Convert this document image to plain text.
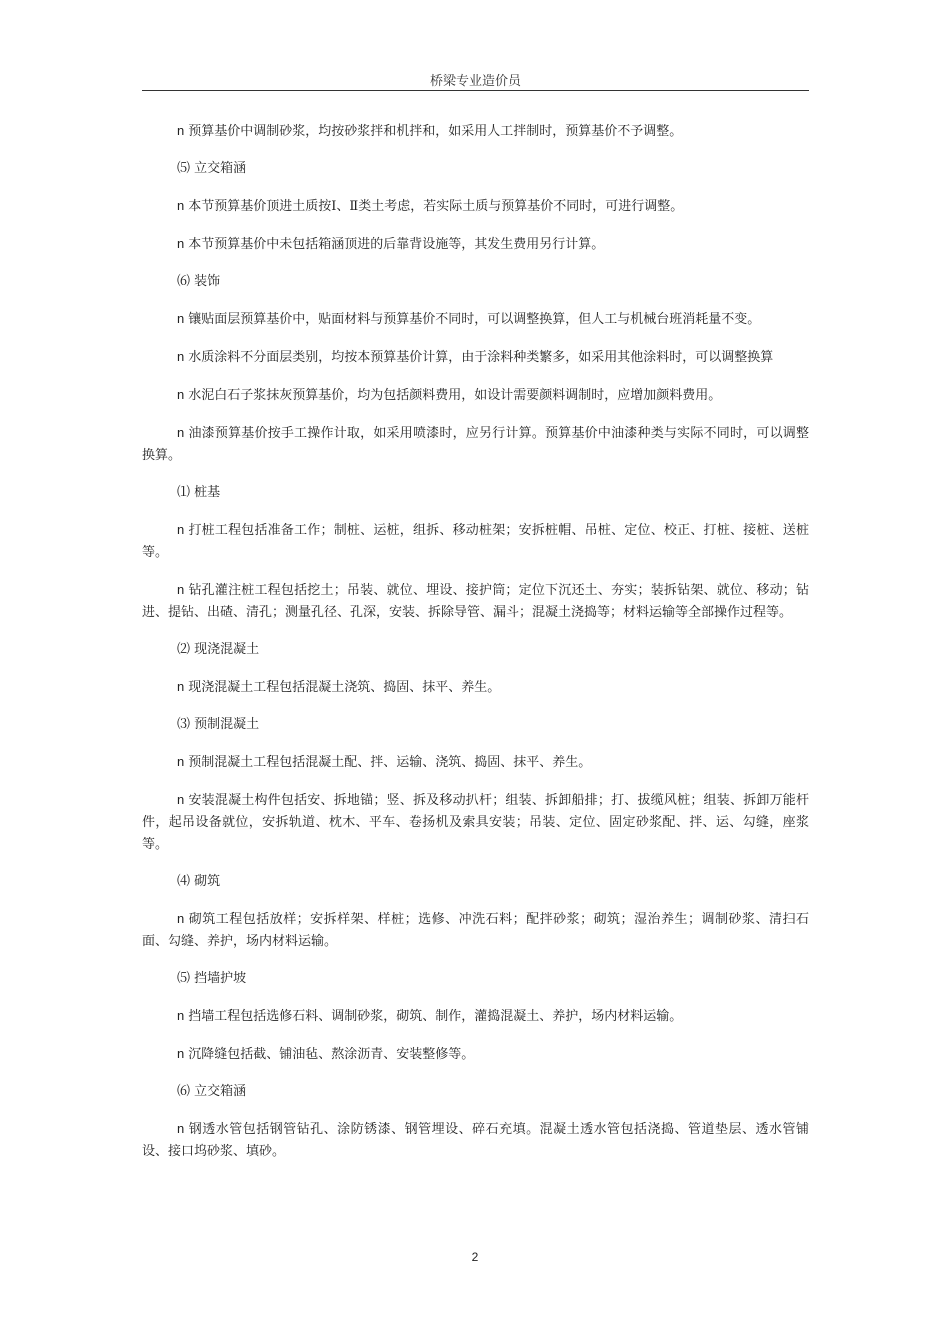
桥梁专业造价员

n 预算基价中调制砂浆，均按砂浆拌和机拌和，如采用人工拌制时，预算基价不予调整。

⑸ 立交箱涵

n 本节预算基价顶进土质按Ⅰ、Ⅱ类土考虑，若实际土质与预算基价不同时，可进行调整。

n 本节预算基价中未包括箱涵顶进的后靠背设施等，其发生费用另行计算。

⑹ 装饰

n 镶贴面层预算基价中，贴面材料与预算基价不同时，可以调整换算，但人工与机械台班消耗量不变。

n 水质涂料不分面层类别，均按本预算基价计算，由于涂料种类繁多，如采用其他涂料时，可以调整换算

n 水泥白石子浆抹灰预算基价，均为包括颜料费用，如设计需要颜料调制时，应增加颜料费用。

n 油漆预算基价按手工操作计取，如采用喷漆时，应另行计算。预算基价中油漆种类与实际不同时，可以调整换算。

⑴ 桩基

n 打桩工程包括准备工作；制桩、运桩，组拆、移动桩架；安拆桩帽、吊桩、定位、校正、打桩、接桩、送桩等。

n 钻孔灌注桩工程包括挖土；吊装、就位、埋设、接护筒；定位下沉还土、夯实；装拆钻架、就位、移动；钻进、提钻、出碴、清孔；测量孔径、孔深，安装、拆除导管、漏斗；混凝土浇捣等；材料运输等全部操作过程等。

⑵ 现浇混凝土

n 现浇混凝土工程包括混凝土浇筑、捣固、抹平、养生。

⑶ 预制混凝土

n 预制混凝土工程包括混凝土配、拌、运输、浇筑、捣固、抹平、养生。

n 安装混凝土构件包括安、拆地锚；竖、拆及移动扒杆；组装、拆卸船排；打、拔缆风桩；组装、拆卸万能杆件，起吊设备就位，安拆轨道、枕木、平车、卷扬机及索具安装；吊装、定位、固定砂浆配、拌、运、勾缝，座浆等。

⑷ 砌筑

n 砌筑工程包括放样；安拆样架、样桩；选修、冲洗石料；配拌砂浆；砌筑；湿治养生；调制砂浆、清扫石面、勾缝、养护，场内材料运输。

⑸ 挡墙护坡

n 挡墙工程包括选修石料、调制砂浆，砌筑、制作，灌捣混凝土、养护，场内材料运输。

n 沉降缝包括截、铺油毡、熬涂沥青、安装整修等。

⑹ 立交箱涵

n 钢透水管包括钢管钻孔、涂防锈漆、钢管埋设、碎石充填。混凝土透水管包括浇捣、管道垫层、透水管铺设、接口坞砂浆、填砂。

2
